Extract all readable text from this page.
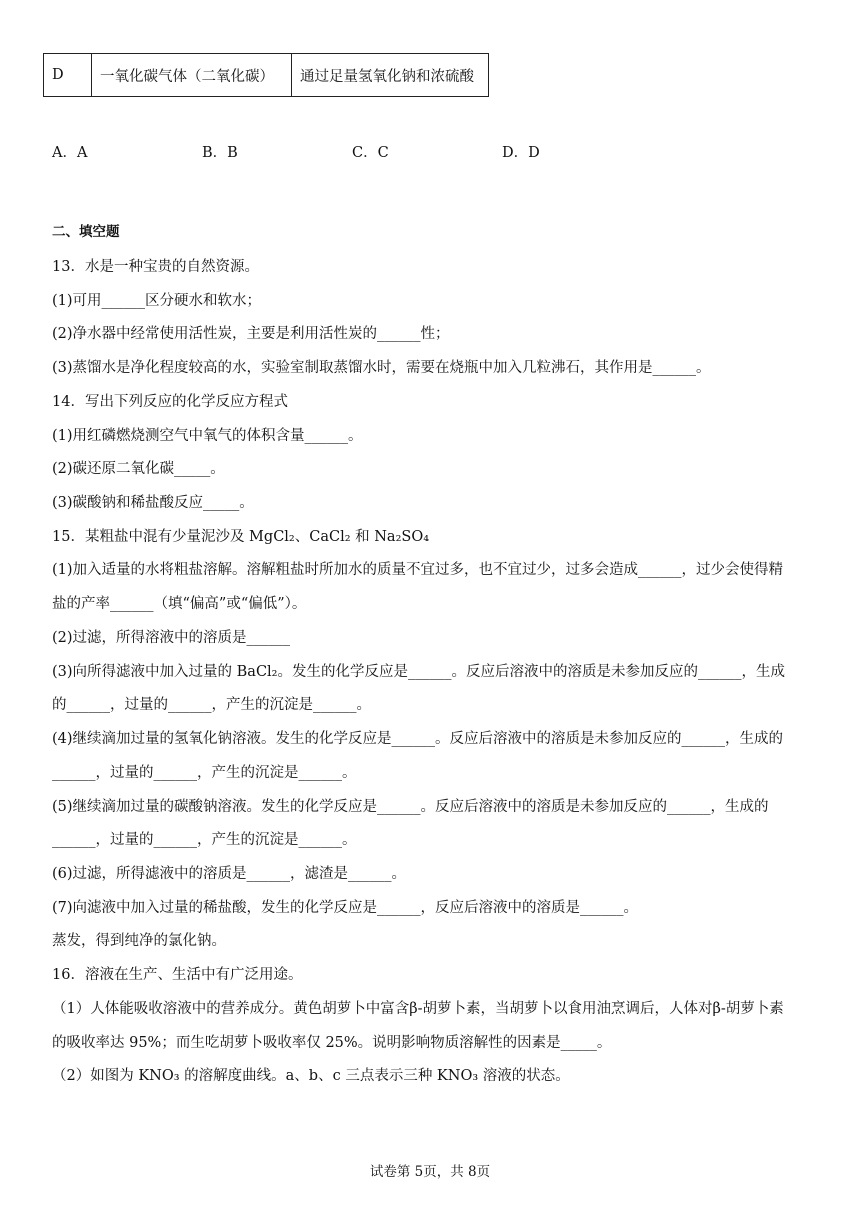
D	一氧化碳气体（二氧化碳）	通过足量氢氧化钠和浓硫酸
A．A	B．B	C．C	D．D
二、填空题
13．水是一种宝贵的自然资源。
(1)可用______区分硬水和软水；
(2)净水器中经常使用活性炭，主要是利用活性炭的______性；
(3)蒸馏水是净化程度较高的水，实验室制取蒸馏水时，需要在烧瓶中加入几粒沸石，其作用是______。
14．写出下列反应的化学反应方程式
(1)用红磷燃烧测空气中氧气的体积含量______。
(2)碳还原二氧化碳_____。
(3)碳酸钠和稀盐酸反应_____。
15．某粗盐中混有少量泥沙及 MgCl₂、CaCl₂ 和 Na₂SO₄
(1)加入适量的水将粗盐溶解。溶解粗盐时所加水的质量不宜过多，也不宜过少，过多会造成______，过少会使得精
盐的产率______（填“偏高”或“偏低”）。
(2)过滤，所得溶液中的溶质是______
(3)向所得滤液中加入过量的 BaCl₂。发生的化学反应是______。反应后溶液中的溶质是未参加反应的______，生成
的______，过量的______，产生的沉淀是______。
(4)继续滴加过量的氢氧化钠溶液。发生的化学反应是______。反应后溶液中的溶质是未参加反应的______，生成的
______，过量的______，产生的沉淀是______。
(5)继续滴加过量的碳酸钠溶液。发生的化学反应是______。反应后溶液中的溶质是未参加反应的______，生成的
______，过量的______，产生的沉淀是______。
(6)过滤，所得滤液中的溶质是______，滤渣是______。
(7)向滤液中加入过量的稀盐酸，发生的化学反应是______，反应后溶液中的溶质是______。
蒸发，得到纯净的氯化钠。
16．溶液在生产、生活中有广泛用途。
（1）人体能吸收溶液中的营养成分。黄色胡萝卜中富含β-胡萝卜素，当胡萝卜以食用油烹调后，人体对β-胡萝卜素
的吸收率达 95%；而生吃胡萝卜吸收率仅 25%。说明影响物质溶解性的因素是_____。
（2）如图为 KNO₃ 的溶解度曲线。a、b、c 三点表示三种 KNO₃ 溶液的状态。
试卷第 5页，共 8页
